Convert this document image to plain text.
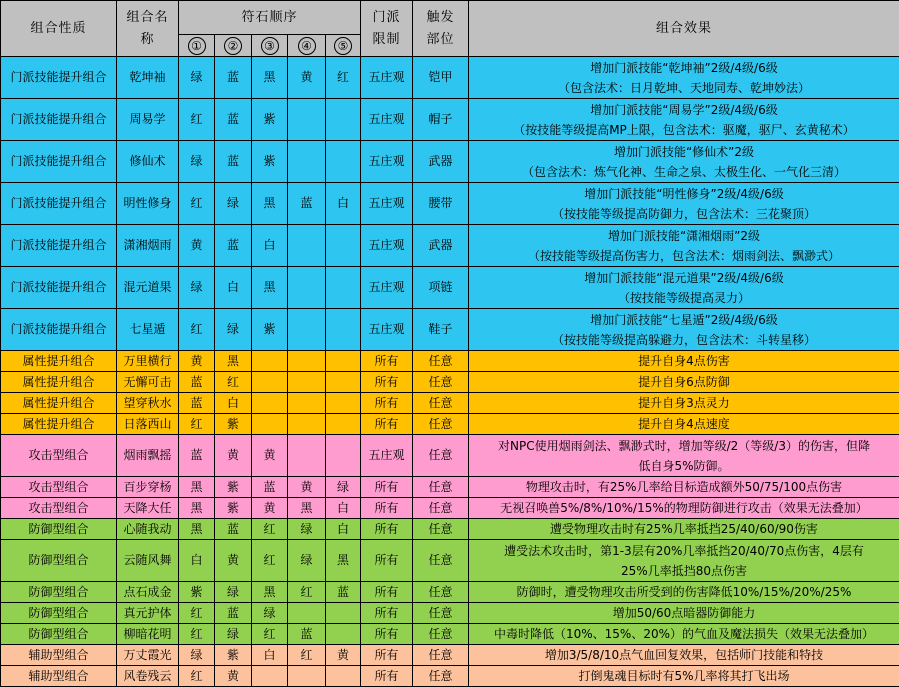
组合性质	组合名称	符石顺序					门派限制	触发部位	组合效果
		①	②	③	④	⑤			
门派技能提升组合	乾坤袖	绿	蓝	黑	黄	红	五庄观	铠甲	增加门派技能“乾坤袖”2级/4级/6级
（包含法术：日月乾坤、天地同寿、乾坤妙法）

门派技能提升组合	周易学	红	蓝	紫			五庄观	帽子	增加门派技能“周易学”2级/4级/6级
（按技能等级提高MP上限，包含法术：驱魔，驱尸、玄黄秘术）

门派技能提升组合	修仙术	绿	蓝	紫			五庄观	武器	增加门派技能“修仙术”2级
（包含法术：炼气化神、生命之泉、太极生化、一气化三清）

门派技能提升组合	明性修身	红	绿	黑	蓝	白	五庄观	腰带	增加门派技能“明性修身”2级/4级/6级
（按技能等级提高防御力，包含法术：三花聚顶）

门派技能提升组合	潇湘烟雨	黄	蓝	白			五庄观	武器	增加门派技能“潇湘烟雨”2级
（按技能等级提高伤害力，包含法术：烟雨剑法、飘渺式）

门派技能提升组合	混元道果	绿	白	黑			五庄观	项链	增加门派技能“混元道果”2级/4级/6级
（按技能等级提高灵力）

门派技能提升组合	七星遁	红	绿	紫			五庄观	鞋子	增加门派技能“七星遁”2级/4级/6级
（按技能等级提高躲避力，包含法术：斗转星移）

属性提升组合	万里横行	黄	黑				所有	任意	提升自身4点伤害

属性提升组合	无懈可击	蓝	红				所有	任意	提升自身6点防御

属性提升组合	望穿秋水	蓝	白				所有	任意	提升自身3点灵力

属性提升组合	日落西山	红	紫				所有	任意	提升自身4点速度

攻击型组合	烟雨飘摇	蓝	黄	黄			五庄观	任意	对NPC使用烟雨剑法、飘渺式时，增加等级/2（等级/3）的伤害，但降
低自身5%防御。

攻击型组合	百步穿杨	黑	紫	蓝	黄	绿	所有	任意	物理攻击时，有25%几率给目标造成额外50/75/100点伤害

攻击型组合	天降大任	黑	紫	黄	黑	白	所有	任意	无视召唤兽5%/8%/10%/15%的物理防御进行攻击（效果无法叠加）

防御型组合	心随我动	黑	蓝	红	绿	白	所有	任意	遭受物理攻击时有25%几率抵挡25/40/60/90伤害

防御型组合	云随风舞	白	黄	红	绿	黑	所有	任意	遭受法术攻击时，第1-3层有20%几率抵挡20/40/70点伤害，4层有
25%几率抵挡80点伤害

防御型组合	点石成金	紫	绿	黑	红	蓝	所有	任意	防御时，遭受物理攻击所受到的伤害降低10%/15%/20%/25%

防御型组合	真元护体	红	蓝	绿			所有	任意	增加50/60点暗器防御能力

防御型组合	柳暗花明	红	绿	红	蓝		所有	任意	中毒时降低（10%、15%、20%）的气血及魔法损失（效果无法叠加）

辅助型组合	万丈霞光	绿	紫	白	红	黄	所有	任意	增加3/5/8/10点气血回复效果，包括师门技能和特技

辅助型组合	风卷残云	红	黄				所有	任意	打倒鬼魂目标时有5%几率将其打飞出场
